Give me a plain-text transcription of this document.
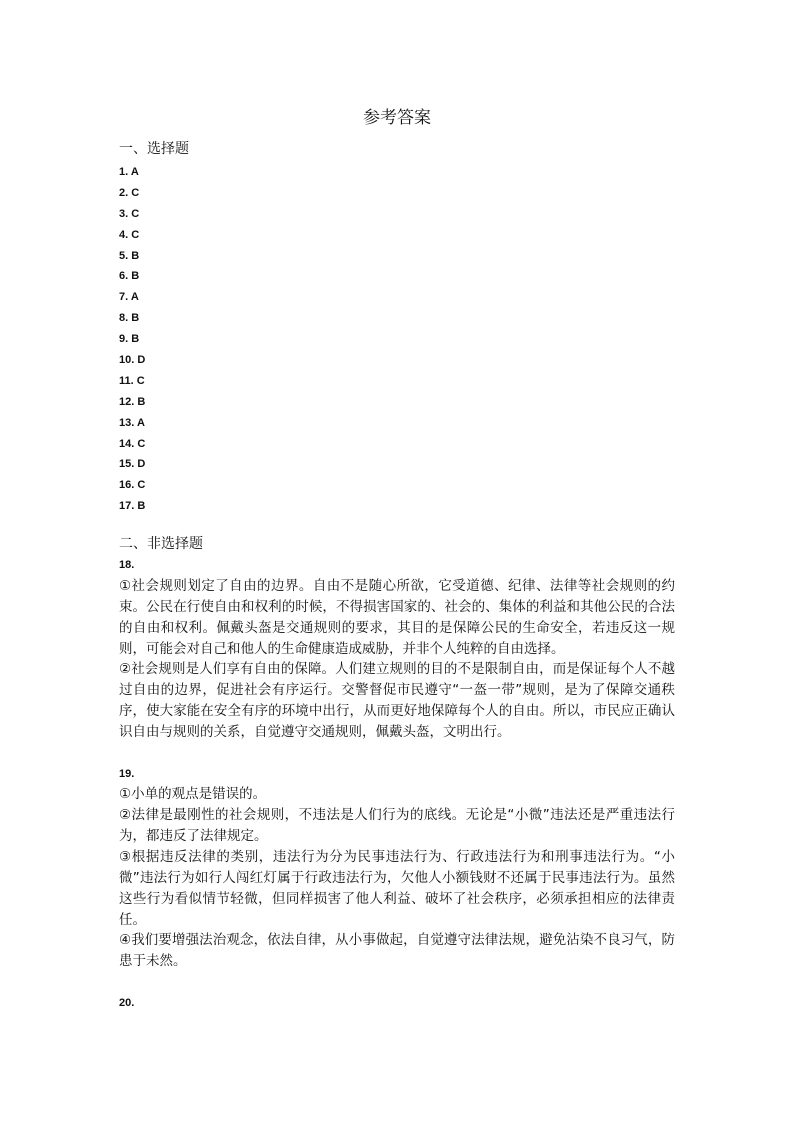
参考答案
一、选择题
1. A
2. C
3. C
4. C
5. B
6. B
7. A
8. B
9. B
10. D
11. C
12. B
13. A
14. C
15. D
16. C
17. B
二、非选择题
18.

①社会规则划定了自由的边界。自由不是随心所欲，它受道德、纪律、法律等社会规则的约束。公民在行使自由和权利的时候，不得损害国家的、社会的、集体的利益和其他公民的合法的自由和权利。佩戴头盔是交通规则的要求，其目的是保障公民的生命安全，若违反这一规则，可能会对自己和他人的生命健康造成威胁，并非个人纯粹的自由选择。

②社会规则是人们享有自由的保障。人们建立规则的目的不是限制自由，而是保证每个人不越过自由的边界，促进社会有序运行。交警督促市民遵守“一盔一带”规则，是为了保障交通秩序，使大家能在安全有序的环境中出行，从而更好地保障每个人的自由。所以，市民应正确认识自由与规则的关系，自觉遵守交通规则，佩戴头盔，文明出行。

19.

①小单的观点是错误的。

②法律是最刚性的社会规则，不违法是人们行为的底线。无论是“小微”违法还是严重违法行为，都违反了法律规定。

③根据违反法律的类别，违法行为分为民事违法行为、行政违法行为和刑事违法行为。“小微”违法行为如行人闯红灯属于行政违法行为，欠他人小额钱财不还属于民事违法行为。虽然这些行为看似情节轻微，但同样损害了他人利益、破坏了社会秩序，必须承担相应的法律责任。

④我们要增强法治观念，依法自律，从小事做起，自觉遵守法律法规，避免沾染不良习气，防患于未然。

20.
